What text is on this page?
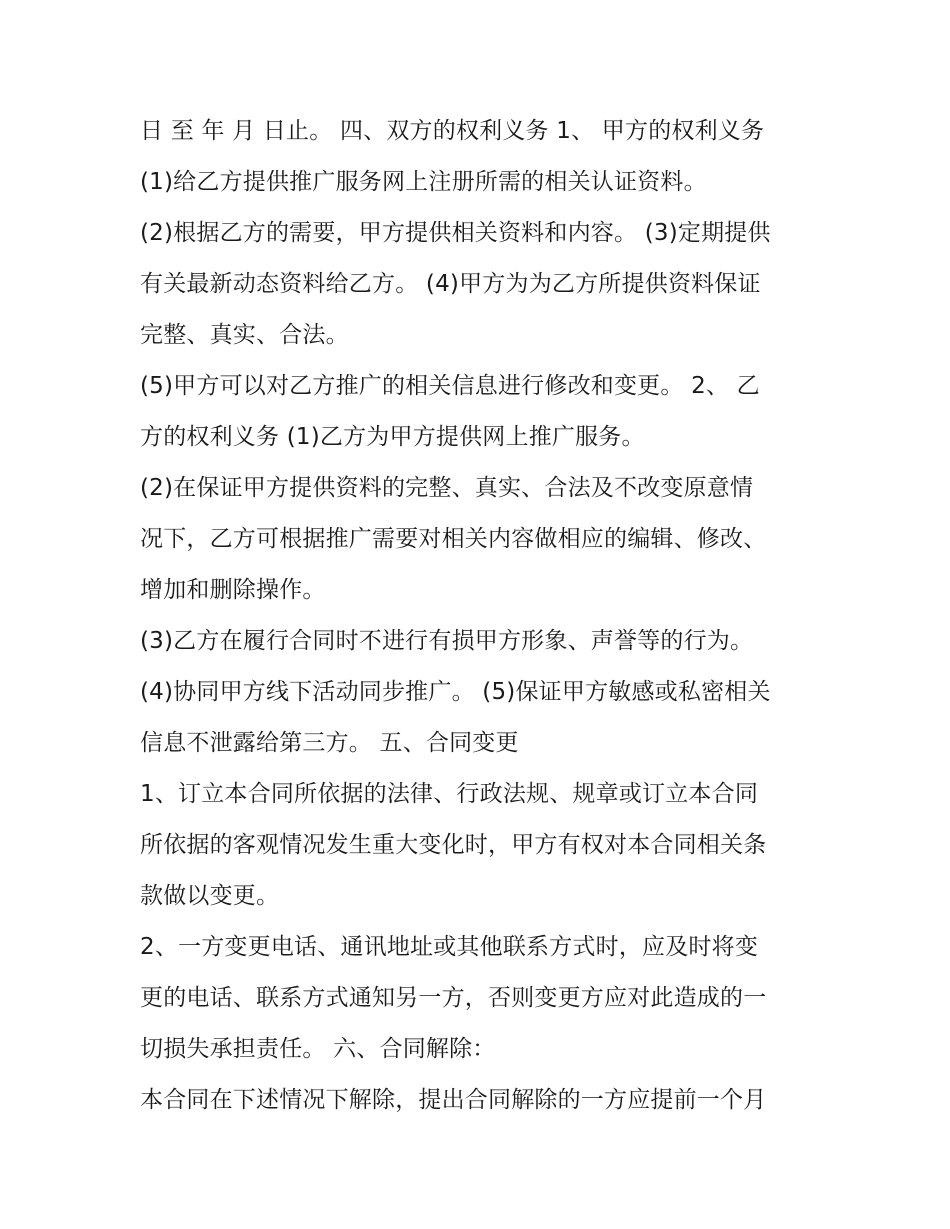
日 至 年 月 日止。 四、双方的权利义务 1、 甲方的权利义务
(1)给乙方提供推广服务网上注册所需的相关认证资料。
(2)根据乙方的需要，甲方提供相关资料和内容。 (3)定期提供
有关最新动态资料给乙方。 (4)甲方为为乙方所提供资料保证
完整、真实、合法。
(5)甲方可以对乙方推广的相关信息进行修改和变更。 2、 乙
方的权利义务 (1)乙方为甲方提供网上推广服务。
(2)在保证甲方提供资料的完整、真实、合法及不改变原意情
况下，乙方可根据推广需要对相关内容做相应的编辑、修改、
增加和删除操作。
(3)乙方在履行合同时不进行有损甲方形象、声誉等的行为。
(4)协同甲方线下活动同步推广。 (5)保证甲方敏感或私密相关
信息不泄露给第三方。 五、合同变更
1、订立本合同所依据的法律、行政法规、规章或订立本合同
所依据的客观情况发生重大变化时，甲方有权对本合同相关条
款做以变更。
2、一方变更电话、通讯地址或其他联系方式时，应及时将变
更的电话、联系方式通知另一方，否则变更方应对此造成的一
切损失承担责任。 六、合同解除：
本合同在下述情况下解除，提出合同解除的一方应提前一个月
